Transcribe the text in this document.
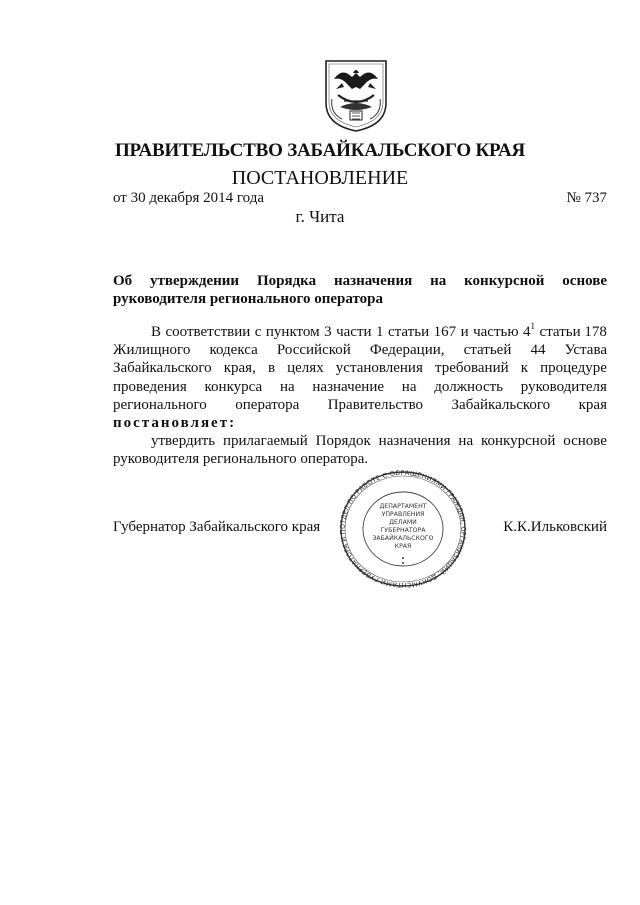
ПРАВИТЕЛЬСТВО ЗАБАЙКАЛЬСКОГО КРАЯ
ПОСТАНОВЛЕНИЕ
от 30 декабря 2014 года	№ 737
г. Чита
Об утверждении Порядка назначения на конкурсной основе
руководителя регионального оператора
В соответствии с пунктом 3 части 1 статьи 167 и частью $4^1$ статьи 178
Жилищного кодекса Российской Федерации, статьей 44 Устава
Забайкальского края, в целях установления требований к процедуре
проведения конкурса на назначение на должность руководителя
регионального оператора Правительство Забайкальского края
постановляет:
утвердить прилагаемый Порядок назначения на конкурсной основе
руководителя регионального оператора.
ОТДЕЛ ПО РАБОТЕ С ОБРАЩЕНИЯМИ ГРАЖДАН, ОРГАНИЗАЦИЙ, ДОКУМЕНТАМИ ГУБЕРНАТОРА И П
ДЕПАРТАМЕНТ
УПРАВЛЕНИЯ
ДЕЛАМИ
ГУБЕРНАТОРА
ЗАБАЙКАЛЬСКОГО
КРАЯ
Губернатор Забайкальского края	К.К.Ильковский
